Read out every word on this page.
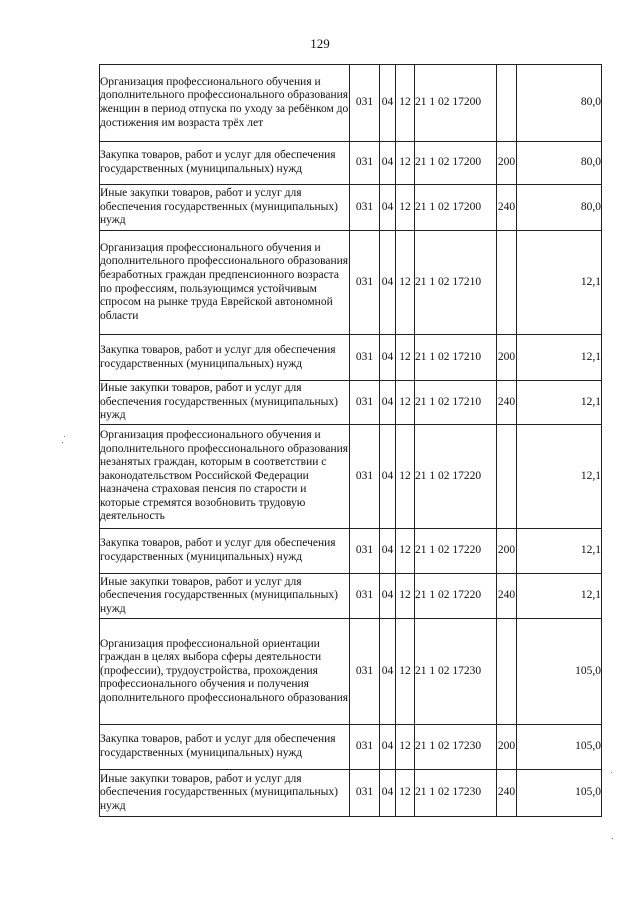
129
Организация профессионального обучения и дополнительного профессионального образования женщин в период отпуска по уходу за ребёнком до достижения им возраста трёх лет	031	04	12	21 1 02 17200		80,0
Закупка товаров, работ и услуг для обеспечения государственных (муниципальных) нужд	031	04	12	21 1 02 17200	200	80,0
Иные закупки товаров, работ и услуг для обеспечения государственных (муниципальных) нужд	031	04	12	21 1 02 17200	240	80,0
Организация профессионального обучения и дополнительного профессионального образования безработных граждан предпенсионного возраста по профессиям, пользующимся устойчивым спросом на рынке труда Еврейской автономной области	031	04	12	21 1 02 17210		12,1
Закупка товаров, работ и услуг для обеспечения государственных (муниципальных) нужд	031	04	12	21 1 02 17210	200	12,1
Иные закупки товаров, работ и услуг для обеспечения государственных (муниципальных) нужд	031	04	12	21 1 02 17210	240	12,1
Организация профессионального обучения и дополнительного профессионального образования незанятых граждан, которым в соответствии с законодательством Российской Федерации назначена страховая пенсия по старости и которые стремятся возобновить трудовую деятельность	031	04	12	21 1 02 17220		12,1
Закупка товаров, работ и услуг для обеспечения государственных (муниципальных) нужд	031	04	12	21 1 02 17220	200	12,1
Иные закупки товаров, работ и услуг для обеспечения государственных (муниципальных) нужд	031	04	12	21 1 02 17220	240	12,1
Организация профессиональной ориентации граждан в целях выбора сферы деятельности (профессии), трудоустройства, прохождения профессионального обучения и получения дополнительного профессионального образования	031	04	12	21 1 02 17230		105,0
Закупка товаров, работ и услуг для обеспечения государственных (муниципальных) нужд	031	04	12	21 1 02 17230	200	105,0
Иные закупки товаров, работ и услуг для обеспечения государственных (муниципальных) нужд	031	04	12	21 1 02 17230	240	105,0
